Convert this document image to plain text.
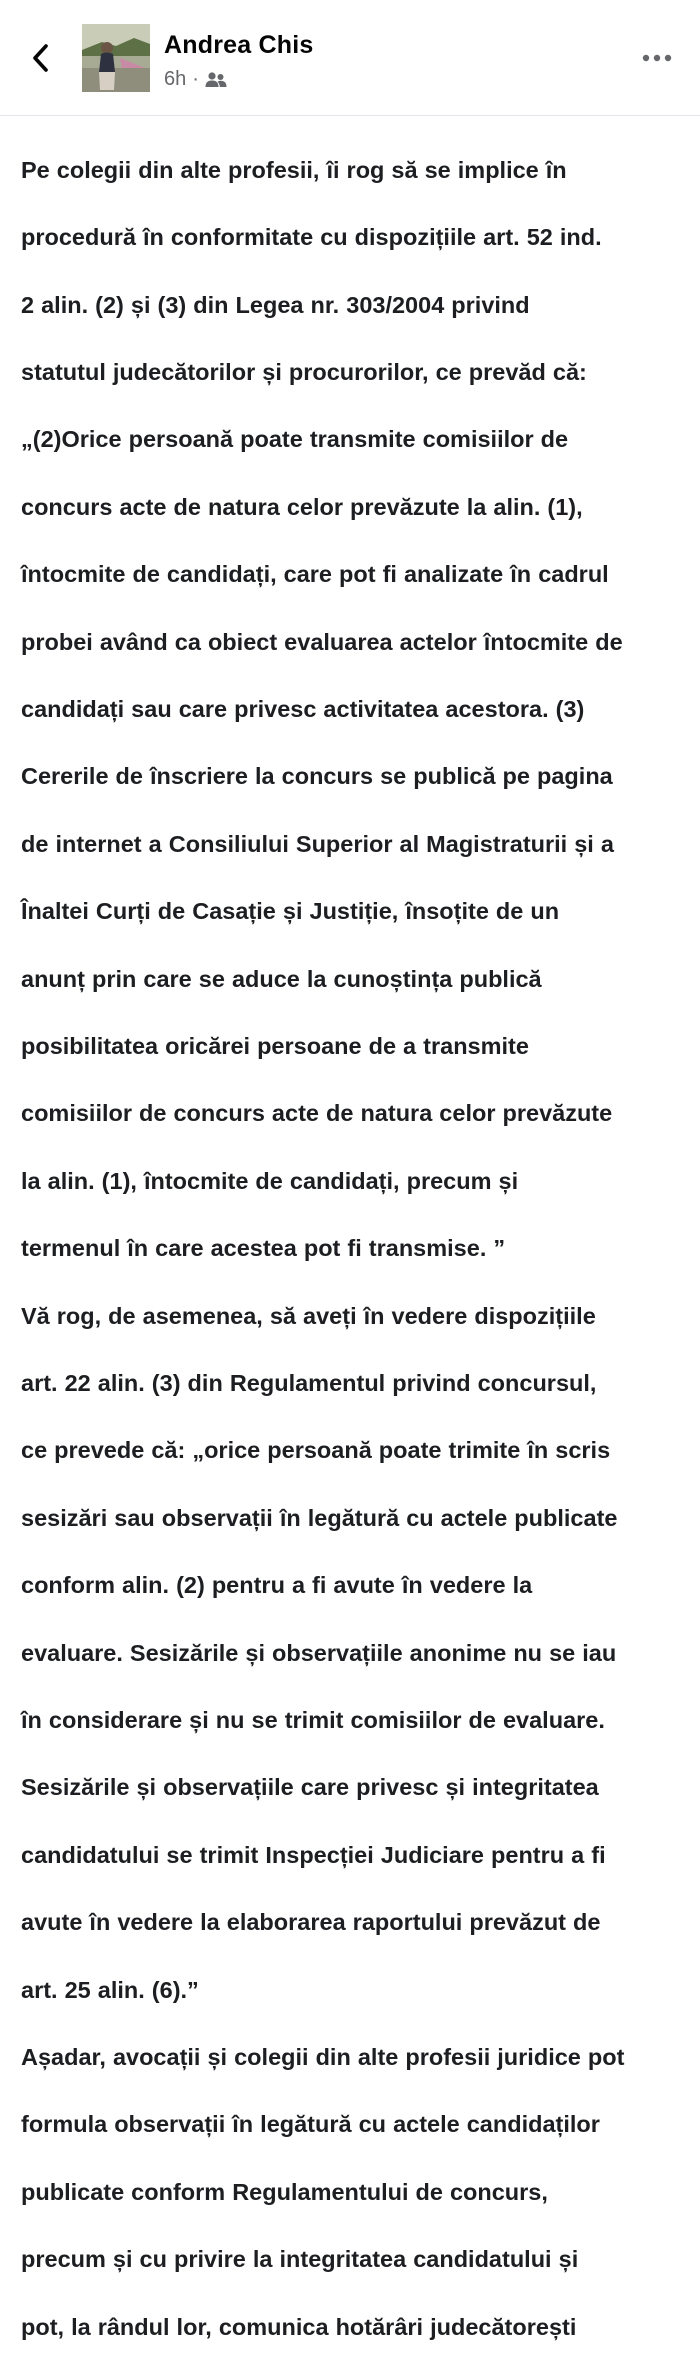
Andrea Chis
6h ·

Pe colegii din alte profesii, îi rog să se implice în

procedură în conformitate cu dispozițiile art. 52 ind.

2 alin. (2) și (3) din Legea nr. 303/2004 privind

statutul judecătorilor și procurorilor, ce prevăd că:

„(2)Orice persoană poate transmite comisiilor de

concurs acte de natura celor prevăzute la alin. (1),

întocmite de candidați, care pot fi analizate în cadrul

probei având ca obiect evaluarea actelor întocmite de

candidați sau care privesc activitatea acestora. (3)

Cererile de înscriere la concurs se publică pe pagina

de internet a Consiliului Superior al Magistraturii și a

Înaltei Curți de Casație și Justiție, însoțite de un

anunț prin care se aduce la cunoștința publică

posibilitatea oricărei persoane de a transmite

comisiilor de concurs acte de natura celor prevăzute

la alin. (1), întocmite de candidați, precum și

termenul în care acestea pot fi transmise. ”

Vă rog, de asemenea, să aveți în vedere dispozițiile

art. 22 alin. (3) din Regulamentul privind concursul,

ce prevede că: „orice persoană poate trimite în scris

sesizări sau observații în legătură cu actele publicate

conform alin. (2) pentru a fi avute în vedere la

evaluare. Sesizările și observațiile anonime nu se iau

în considerare și nu se trimit comisiilor de evaluare.

Sesizările și observațiile care privesc și integritatea

candidatului se trimit Inspecției Judiciare pentru a fi

avute în vedere la elaborarea raportului prevăzut de

art. 25 alin. (6).”

Așadar, avocații și colegii din alte profesii juridice pot

formula observații în legătură cu actele candidaților

publicate conform Regulamentului de concurs,

precum și cu privire la integritatea candidatului și

pot, la rândul lor, comunica hotărâri judecătorești
